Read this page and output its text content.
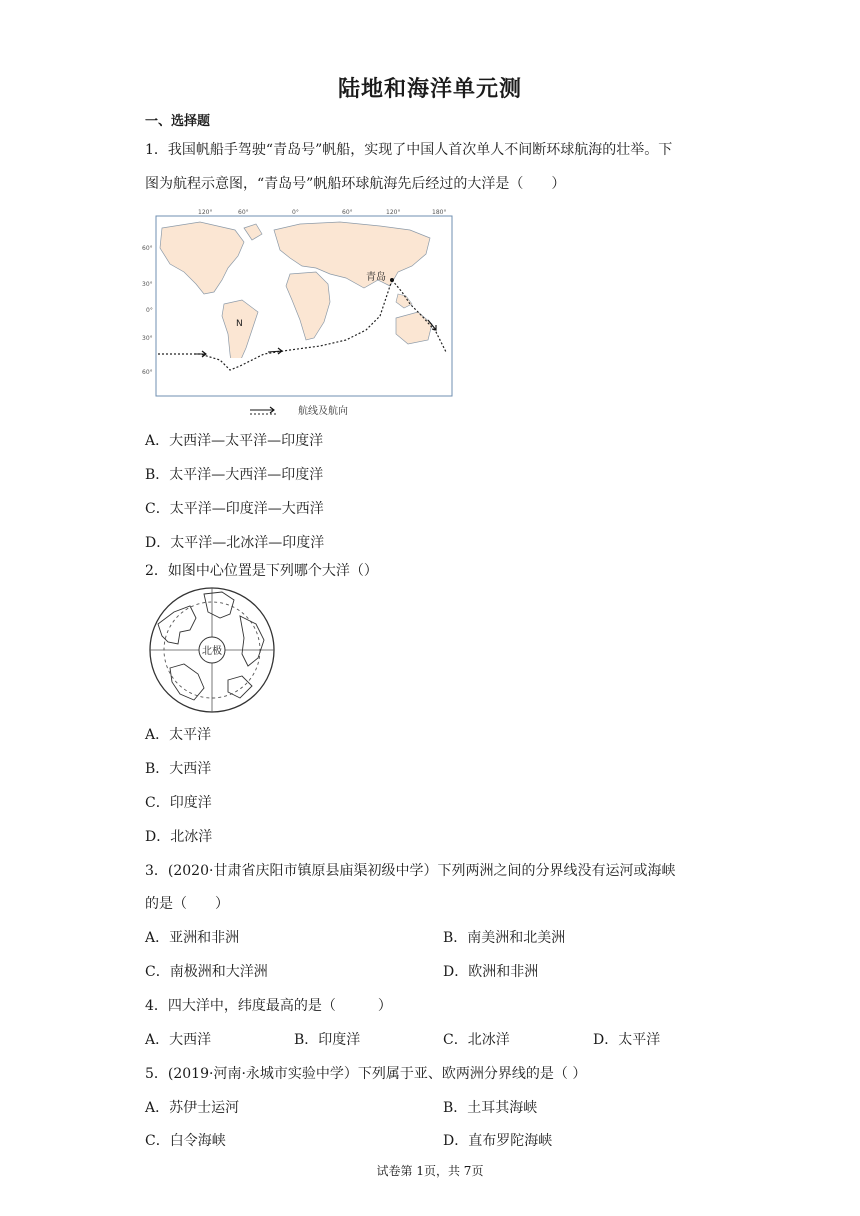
陆地和海洋单元测
一、选择题
1．我国帆船手驾驶“青岛号”帆船，实现了中国人首次单人不间断环球航海的壮举。下
图为航程示意图，“青岛号”帆船环球航海先后经过的大洋是（　　）
120°	60°	0°	60°	120°	180°
60°
30°
0°
30°
60°
青岛
N
航线及航向
A．大西洋—太平洋—印度洋
B．太平洋—大西洋—印度洋
C．太平洋—印度洋—大西洋
D．太平洋—北冰洋—印度洋
2．如图中心位置是下列哪个大洋（）
北极
A．太平洋
B．大西洋
C．印度洋
D．北冰洋
3．(2020·甘肃省庆阳市镇原县庙渠初级中学）下列两洲之间的分界线没有运河或海峡
的是（　　）
A．亚洲和非洲	B．南美洲和北美洲
C．南极洲和大洋洲	D．欧洲和非洲
4．四大洋中，纬度最高的是（　　　）
A．大西洋	B．印度洋	C．北冰洋	D．太平洋
5．(2019·河南·永城市实验中学）下列属于亚、欧两洲分界线的是（ ）
A．苏伊士运河	B．土耳其海峡
C．白令海峡	D．直布罗陀海峡
试卷第 1页，共 7页
